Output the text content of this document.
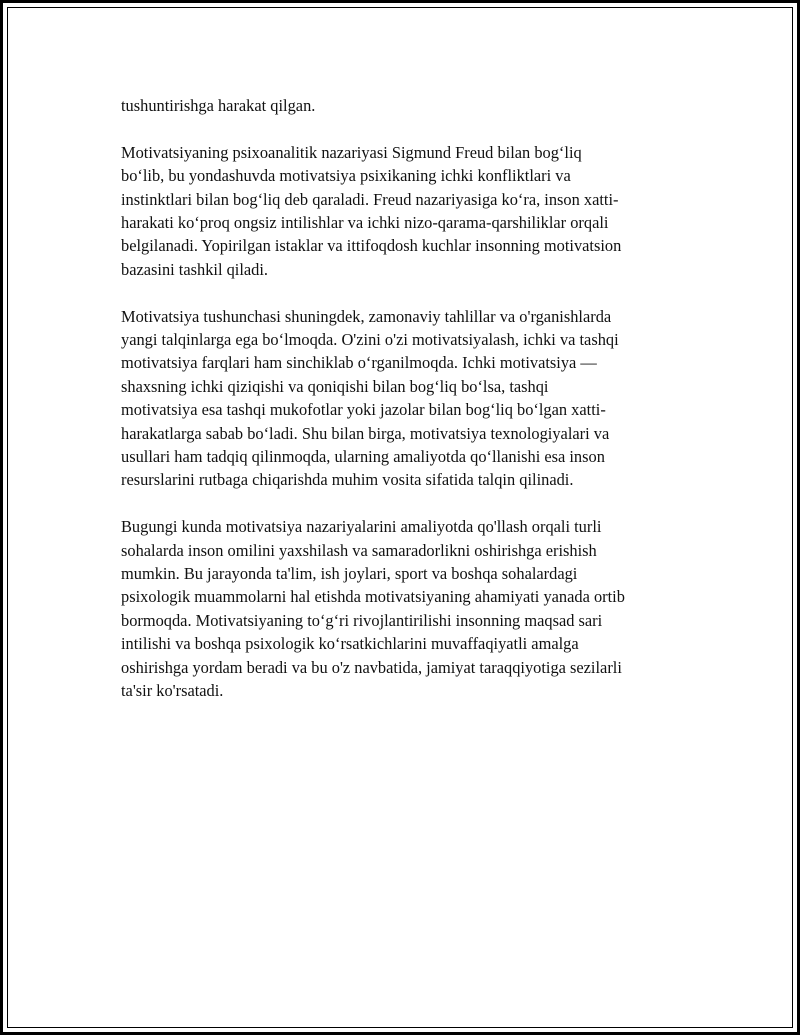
tushuntirishga harakat qilgan.

Motivatsiyaning psixoanalitik nazariyasi Sigmund Freud bilan bog‘liq
bo‘lib, bu yondashuvda motivatsiya psixikaning ichki konfliktlari va
instinktlari bilan bog‘liq deb qaraladi. Freud nazariyasiga ko‘ra, inson xatti-
harakati ko‘proq ongsiz intilishlar va ichki nizo-qarama-qarshiliklar orqali
belgilanadi. Yopirilgan istaklar va ittifoqdosh kuchlar insonning motivatsion
bazasini tashkil qiladi.

Motivatsiya tushunchasi shuningdek, zamonaviy tahlillar va o'rganishlarda
yangi talqinlarga ega bo‘lmoqda. O'zini o'zi motivatsiyalash, ichki va tashqi
motivatsiya farqlari ham sinchiklab o‘rganilmoqda. Ichki motivatsiya —
shaxsning ichki qiziqishi va qoniqishi bilan bog‘liq bo‘lsa, tashqi
motivatsiya esa tashqi mukofotlar yoki jazolar bilan bog‘liq bo‘lgan xatti-
harakatlarga sabab bo‘ladi. Shu bilan birga, motivatsiya texnologiyalari va
usullari ham tadqiq qilinmoqda, ularning amaliyotda qo‘llanishi esa inson
resurslarini rutbaga chiqarishda muhim vosita sifatida talqin qilinadi.

Bugungi kunda motivatsiya nazariyalarini amaliyotda qo'llash orqali turli
sohalarda inson omilini yaxshilash va samaradorlikni oshirishga erishish
mumkin. Bu jarayonda ta'lim, ish joylari, sport va boshqa sohalardagi
psixologik muammolarni hal etishda motivatsiyaning ahamiyati yanada ortib
bormoqda. Motivatsiyaning to‘g‘ri rivojlantirilishi insonning maqsad sari
intilishi va boshqa psixologik ko‘rsatkichlarini muvaffaqiyatli amalga
oshirishga yordam beradi va bu o'z navbatida, jamiyat taraqqiyotiga sezilarli
ta'sir ko'rsatadi.
